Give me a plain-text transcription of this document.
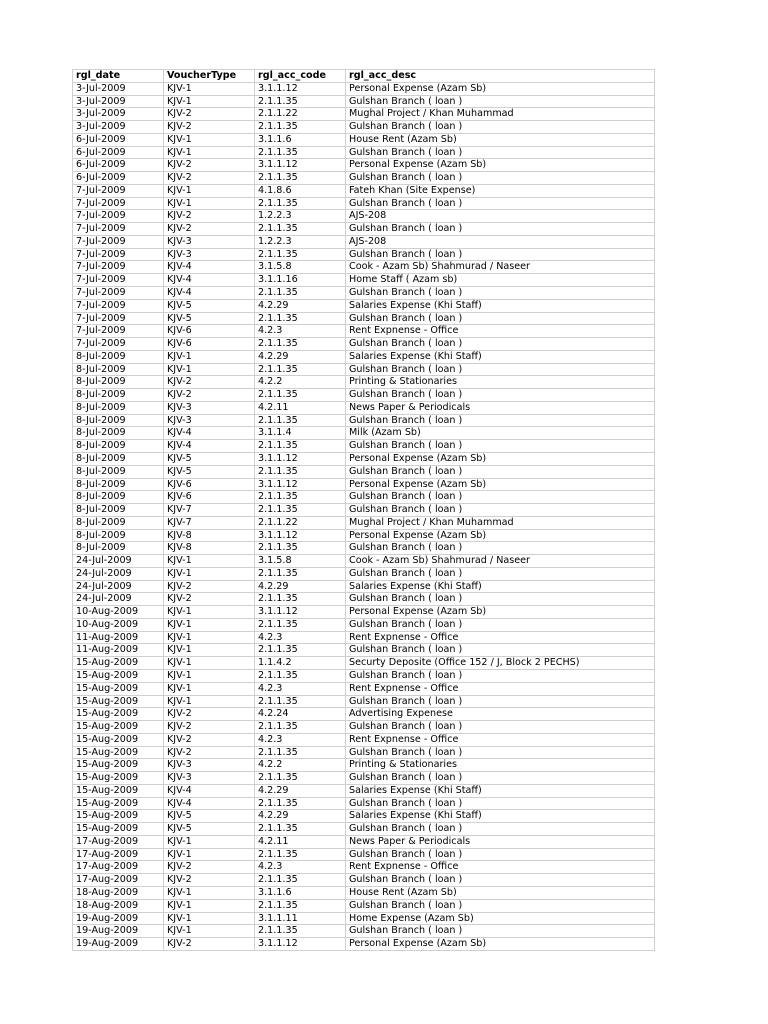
rgl_date	VoucherType	rgl_acc_code	rgl_acc_desc
3-Jul-2009	KJV-1	3.1.1.12	Personal Expense (Azam Sb)
3-Jul-2009	KJV-1	2.1.1.35	Gulshan Branch ( loan )
3-Jul-2009	KJV-2	2.1.1.22	Mughal Project / Khan Muhammad
3-Jul-2009	KJV-2	2.1.1.35	Gulshan Branch ( loan )
6-Jul-2009	KJV-1	3.1.1.6	House Rent (Azam Sb)
6-Jul-2009	KJV-1	2.1.1.35	Gulshan Branch ( loan )
6-Jul-2009	KJV-2	3.1.1.12	Personal Expense (Azam Sb)
6-Jul-2009	KJV-2	2.1.1.35	Gulshan Branch ( loan )
7-Jul-2009	KJV-1	4.1.8.6	Fateh Khan (Site Expense)
7-Jul-2009	KJV-1	2.1.1.35	Gulshan Branch ( loan )
7-Jul-2009	KJV-2	1.2.2.3	AJS-208
7-Jul-2009	KJV-2	2.1.1.35	Gulshan Branch ( loan )
7-Jul-2009	KJV-3	1.2.2.3	AJS-208
7-Jul-2009	KJV-3	2.1.1.35	Gulshan Branch ( loan )
7-Jul-2009	KJV-4	3.1.5.8	Cook - Azam Sb) Shahmurad / Naseer
7-Jul-2009	KJV-4	3.1.1.16	Home Staff ( Azam sb)
7-Jul-2009	KJV-4	2.1.1.35	Gulshan Branch ( loan )
7-Jul-2009	KJV-5	4.2.29	Salaries Expense (Khi Staff)
7-Jul-2009	KJV-5	2.1.1.35	Gulshan Branch ( loan )
7-Jul-2009	KJV-6	4.2.3	Rent Expnense - Office
7-Jul-2009	KJV-6	2.1.1.35	Gulshan Branch ( loan )
8-Jul-2009	KJV-1	4.2.29	Salaries Expense (Khi Staff)
8-Jul-2009	KJV-1	2.1.1.35	Gulshan Branch ( loan )
8-Jul-2009	KJV-2	4.2.2	Printing & Stationaries
8-Jul-2009	KJV-2	2.1.1.35	Gulshan Branch ( loan )
8-Jul-2009	KJV-3	4.2.11	News Paper & Periodicals
8-Jul-2009	KJV-3	2.1.1.35	Gulshan Branch ( loan )
8-Jul-2009	KJV-4	3.1.1.4	Milk (Azam Sb)
8-Jul-2009	KJV-4	2.1.1.35	Gulshan Branch ( loan )
8-Jul-2009	KJV-5	3.1.1.12	Personal Expense (Azam Sb)
8-Jul-2009	KJV-5	2.1.1.35	Gulshan Branch ( loan )
8-Jul-2009	KJV-6	3.1.1.12	Personal Expense (Azam Sb)
8-Jul-2009	KJV-6	2.1.1.35	Gulshan Branch ( loan )
8-Jul-2009	KJV-7	2.1.1.35	Gulshan Branch ( loan )
8-Jul-2009	KJV-7	2.1.1.22	Mughal Project / Khan Muhammad
8-Jul-2009	KJV-8	3.1.1.12	Personal Expense (Azam Sb)
8-Jul-2009	KJV-8	2.1.1.35	Gulshan Branch ( loan )
24-Jul-2009	KJV-1	3.1.5.8	Cook - Azam Sb) Shahmurad / Naseer
24-Jul-2009	KJV-1	2.1.1.35	Gulshan Branch ( loan )
24-Jul-2009	KJV-2	4.2.29	Salaries Expense (Khi Staff)
24-Jul-2009	KJV-2	2.1.1.35	Gulshan Branch ( loan )
10-Aug-2009	KJV-1	3.1.1.12	Personal Expense (Azam Sb)
10-Aug-2009	KJV-1	2.1.1.35	Gulshan Branch ( loan )
11-Aug-2009	KJV-1	4.2.3	Rent Expnense - Office
11-Aug-2009	KJV-1	2.1.1.35	Gulshan Branch ( loan )
15-Aug-2009	KJV-1	1.1.4.2	Securty Deposite (Office 152 / J, Block 2 PECHS)
15-Aug-2009	KJV-1	2.1.1.35	Gulshan Branch ( loan )
15-Aug-2009	KJV-1	4.2.3	Rent Expnense - Office
15-Aug-2009	KJV-1	2.1.1.35	Gulshan Branch ( loan )
15-Aug-2009	KJV-2	4.2.24	Advertising Expenese
15-Aug-2009	KJV-2	2.1.1.35	Gulshan Branch ( loan )
15-Aug-2009	KJV-2	4.2.3	Rent Expnense - Office
15-Aug-2009	KJV-2	2.1.1.35	Gulshan Branch ( loan )
15-Aug-2009	KJV-3	4.2.2	Printing & Stationaries
15-Aug-2009	KJV-3	2.1.1.35	Gulshan Branch ( loan )
15-Aug-2009	KJV-4	4.2.29	Salaries Expense (Khi Staff)
15-Aug-2009	KJV-4	2.1.1.35	Gulshan Branch ( loan )
15-Aug-2009	KJV-5	4.2.29	Salaries Expense (Khi Staff)
15-Aug-2009	KJV-5	2.1.1.35	Gulshan Branch ( loan )
17-Aug-2009	KJV-1	4.2.11	News Paper & Periodicals
17-Aug-2009	KJV-1	2.1.1.35	Gulshan Branch ( loan )
17-Aug-2009	KJV-2	4.2.3	Rent Expnense - Office
17-Aug-2009	KJV-2	2.1.1.35	Gulshan Branch ( loan )
18-Aug-2009	KJV-1	3.1.1.6	House Rent (Azam Sb)
18-Aug-2009	KJV-1	2.1.1.35	Gulshan Branch ( loan )
19-Aug-2009	KJV-1	3.1.1.11	Home Expense (Azam Sb)
19-Aug-2009	KJV-1	2.1.1.35	Gulshan Branch ( loan )
19-Aug-2009	KJV-2	3.1.1.12	Personal Expense (Azam Sb)
